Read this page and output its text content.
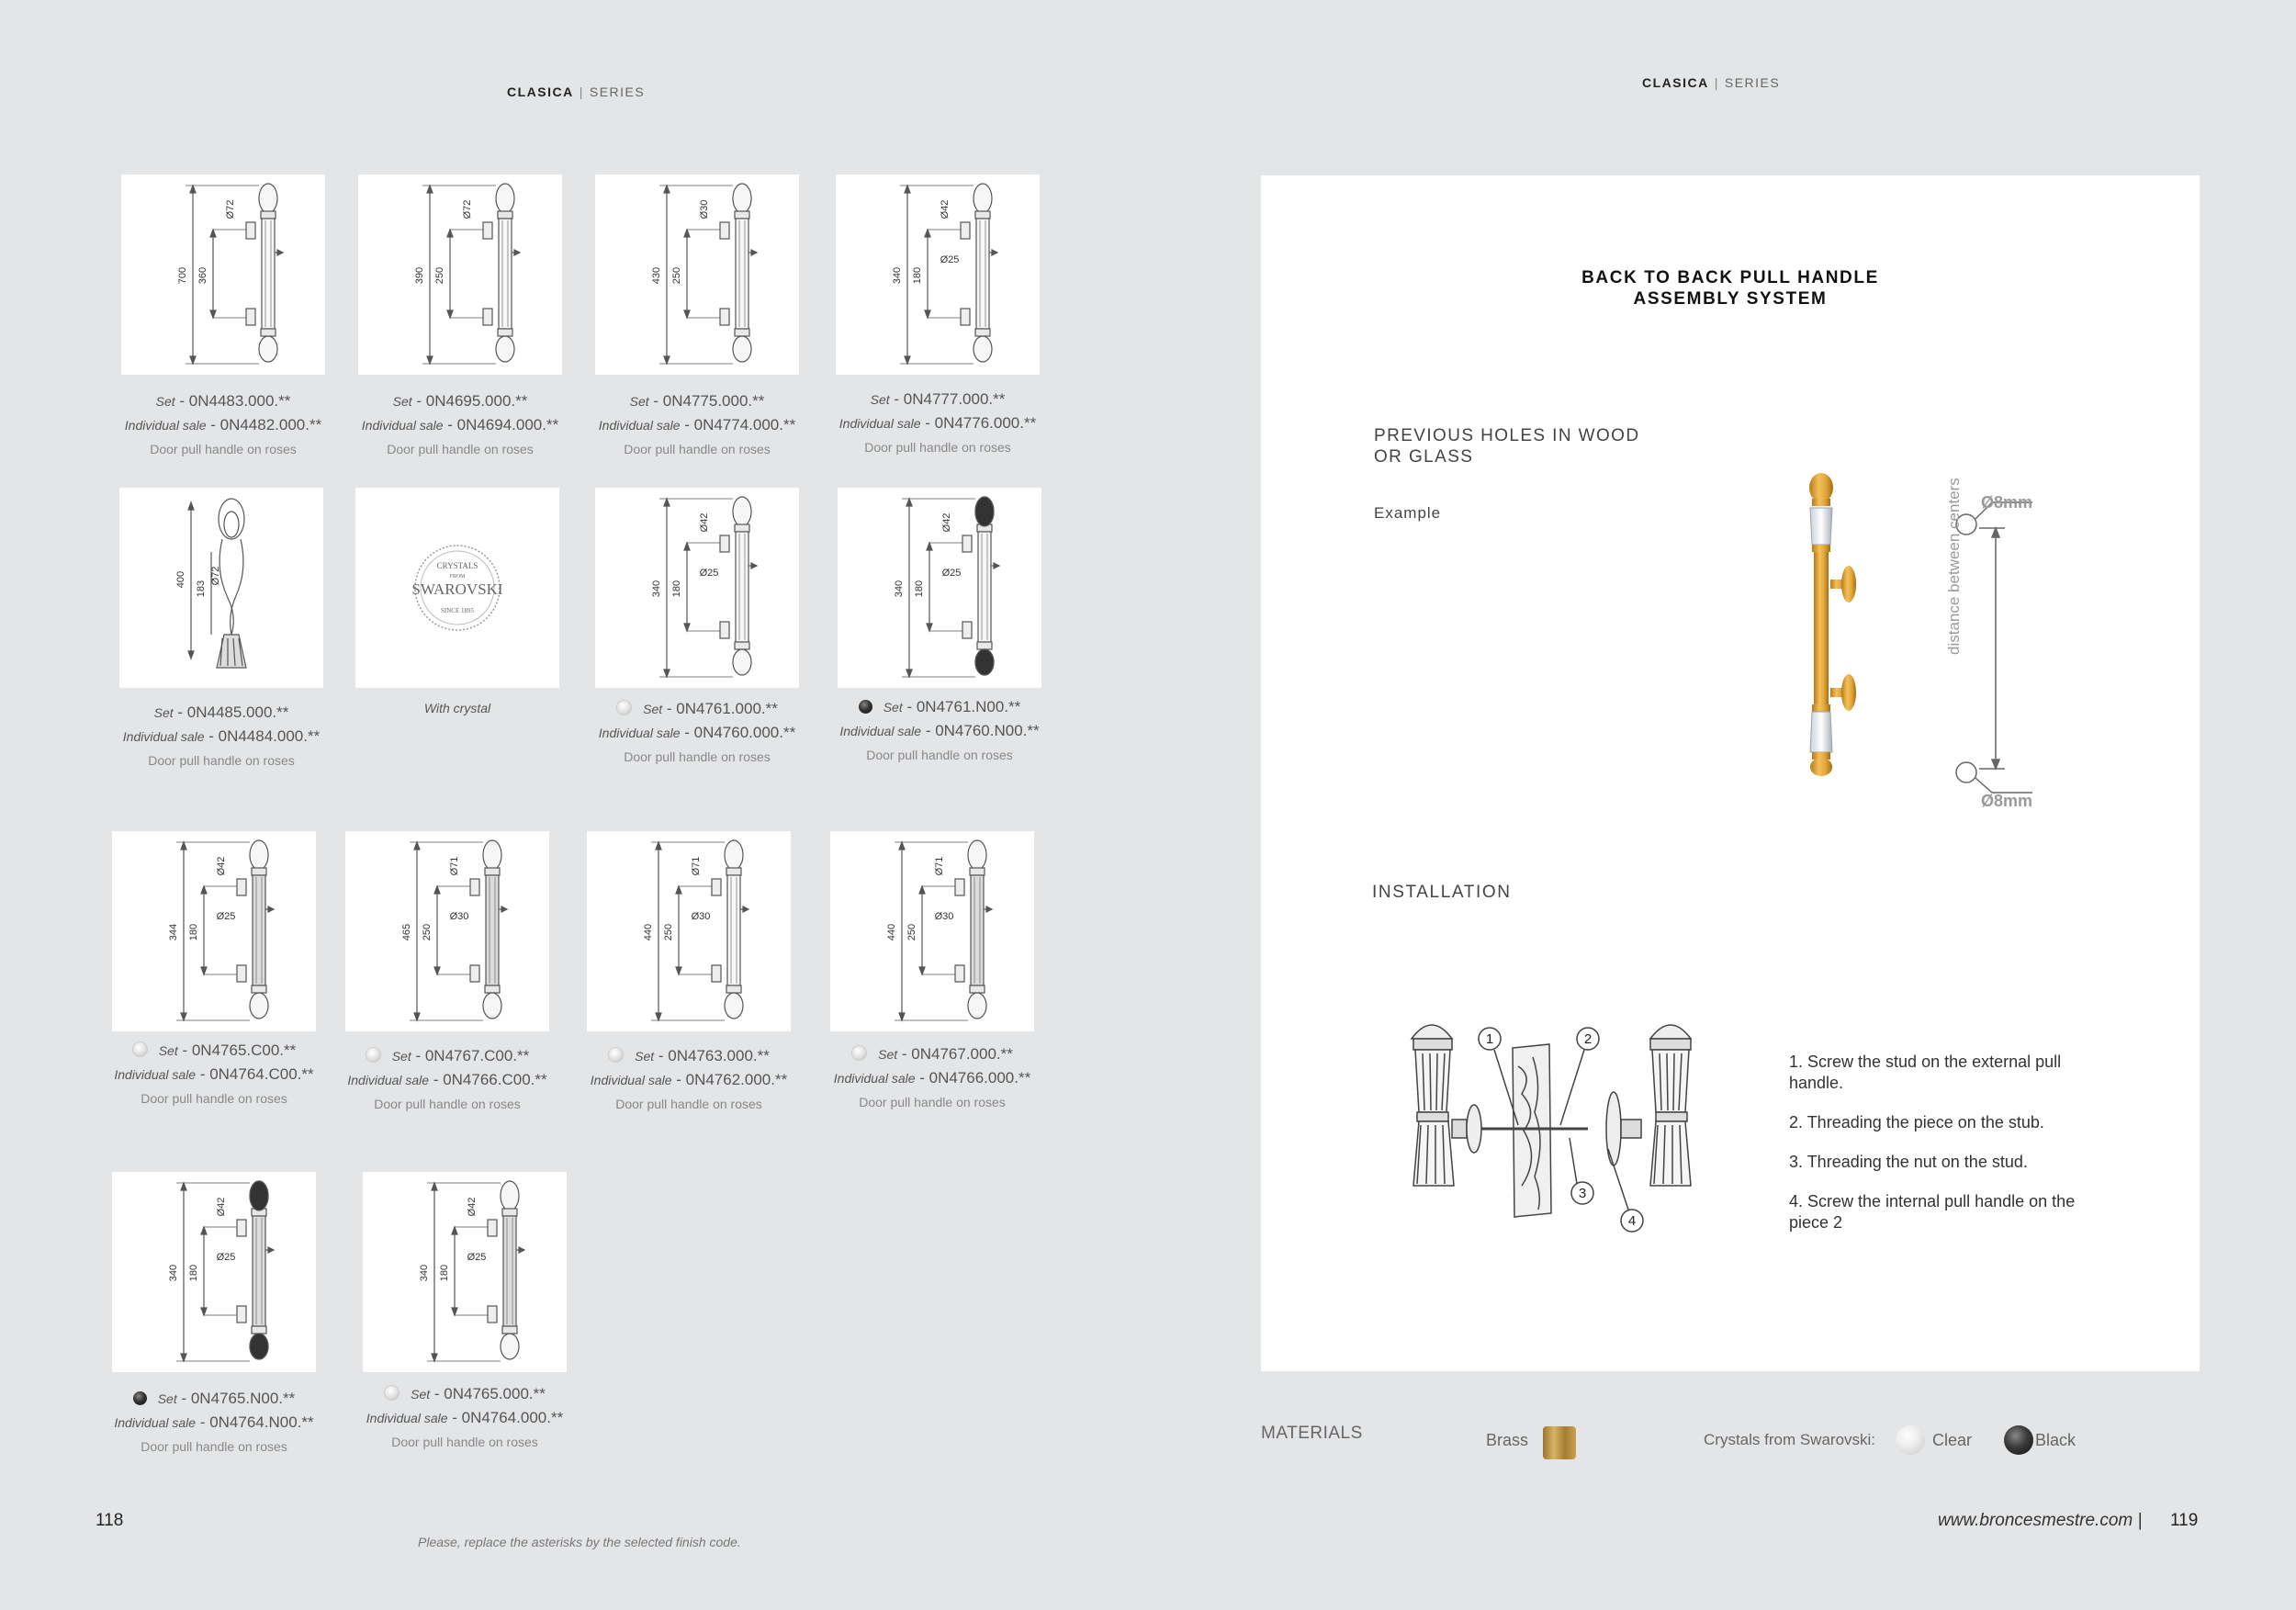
CLASICA | SERIES
CLASICA | SERIES
700 360
Ø72
Set - 0N4483.000.**
Individual sale - 0N4482.000.**
Door pull handle on roses
390 250
Ø72
Set - 0N4695.000.**
Individual sale - 0N4694.000.**
Door pull handle on roses
430 250
Ø30
Set - 0N4775.000.**
Individual sale - 0N4774.000.**
Door pull handle on roses
340 180
Ø42
Ø25
Set - 0N4777.000.**
Individual sale - 0N4776.000.**
Door pull handle on roses
400
183
Ø72
Set - 0N4485.000.**
Individual sale - 0N4484.000.**
Door pull handle on roses
CRYSTALS
FROM
SWAROVSKI
SINCE 1895
With crystal
340 180
Ø42
Ø25
Set - 0N4761.000.**
Individual sale - 0N4760.000.**
Door pull handle on roses
340 180
Ø42
Ø25
Set - 0N4761.N00.**
Individual sale - 0N4760.N00.**
Door pull handle on roses
344 180
Ø42
Ø25
Set - 0N4765.C00.**
Individual sale - 0N4764.C00.**
Door pull handle on roses
465 250
Ø71
Ø30
Set - 0N4767.C00.**
Individual sale - 0N4766.C00.**
Door pull handle on roses
440 250
Ø71
Ø30
Set - 0N4763.000.**
Individual sale - 0N4762.000.**
Door pull handle on roses
440 250
Ø71
Ø30
Set - 0N4767.000.**
Individual sale - 0N4766.000.**
Door pull handle on roses
340 180
Ø42
Ø25
Set - 0N4765.N00.**
Individual sale - 0N4764.N00.**
Door pull handle on roses
340 180
Ø42
Ø25
Set - 0N4765.000.**
Individual sale - 0N4764.000.**
Door pull handle on roses
BACK TO BACK PULL HANDLE
ASSEMBLY SYSTEM
PREVIOUS HOLES IN WOOD OR GLASS
Example
Ø8mm
Ø8mm
distance between centers
INSTALLATION
1	2
3
4

1. Screw the stud on the external pull handle.

2. Threading the piece on the stub.

3. Threading the nut on the stud.

4. Screw the internal pull handle on the piece 2

MATERIALS	Brass	Crystals from Swarovski:	Clear	Black
118
Please, replace the asterisks by the selected finish code.
www.broncesmestre.com | 119
